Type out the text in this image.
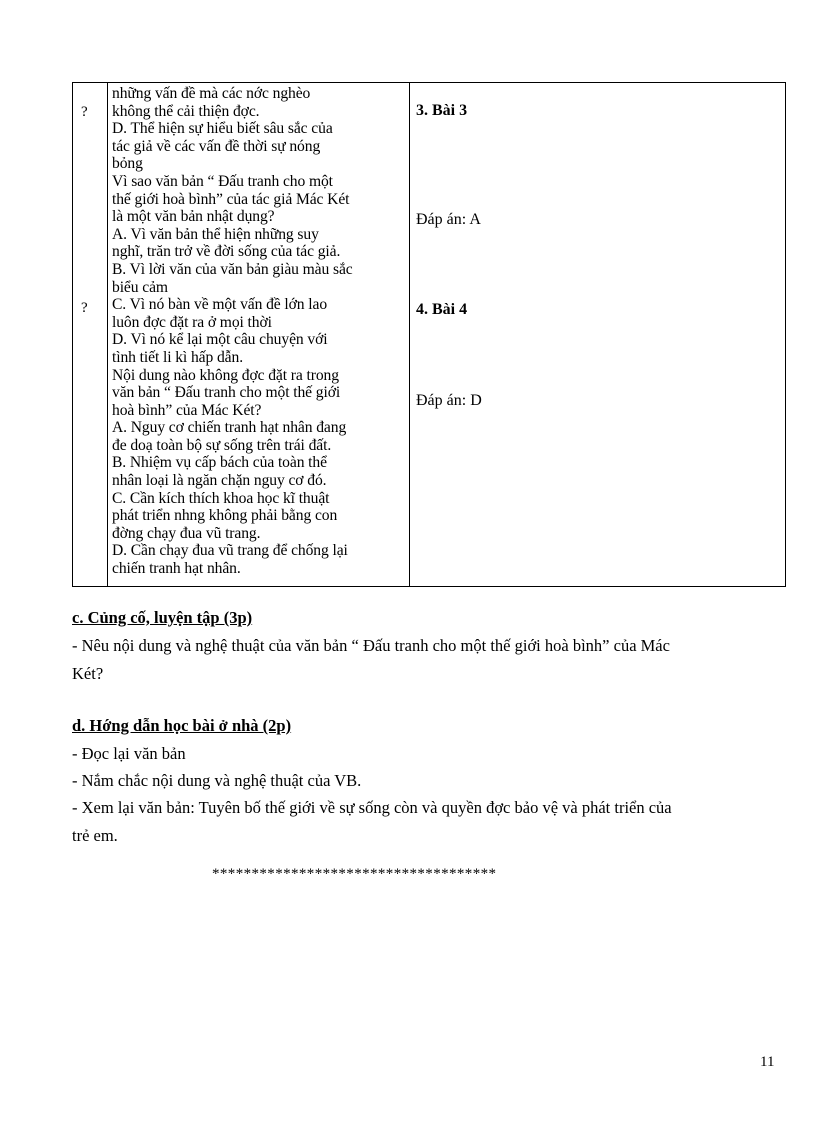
?
?
những vấn đề mà các nớc nghèo
không thể cải thiện đợc.
D. Thể hiện sự hiểu biết sâu sắc của
tác giả về các vấn đề thời sự nóng
bỏng
Vì sao văn bản “ Đấu tranh cho một
thế giới hoà bình” của tác giả Mác Két
là một văn bản nhật dụng?
A. Vì văn bản thể hiện những suy
nghĩ, trăn trở về đời sống của tác giả.
B. Vì lời văn của văn bản giàu màu sắc
biểu cảm
C. Vì nó bàn về một vấn đề lớn lao
luôn đợc đặt ra ở mọi thời
D. Vì nó kể lại một câu chuyện với
tình tiết li kì hấp dẫn.
Nội dung nào không đợc đặt ra trong
văn bản “ Đấu tranh cho một thế giới
hoà bình” của Mác Két?
A. Nguy cơ chiến tranh hạt nhân đang
đe doạ toàn bộ sự sống trên trái đất.
B. Nhiệm vụ cấp bách của toàn thể
nhân loại là ngăn chặn nguy cơ đó.
C. Cần kích thích khoa học kĩ thuật
phát triển nhng không phải bằng con
đờng chạy đua vũ trang.
D. Cần chạy đua vũ trang để chống lại
chiến tranh hạt nhân.
3. Bài 3
Đáp án: A
4. Bài 4
Đáp án: D
c. Củng cố, luyện tập (3p)
- Nêu nội dung và nghệ thuật của văn bản “ Đấu tranh cho một thế giới hoà bình” của Mác
Két?
d. Hớng dẫn học bài ở nhà (2p)
- Đọc lại văn bản
- Nắm chắc nội dung và nghệ thuật của VB.
- Xem lại văn bản: Tuyên bố thế giới về sự sống còn và quyền đợc bảo vệ và phát triển của
trẻ em.
************************************
11
